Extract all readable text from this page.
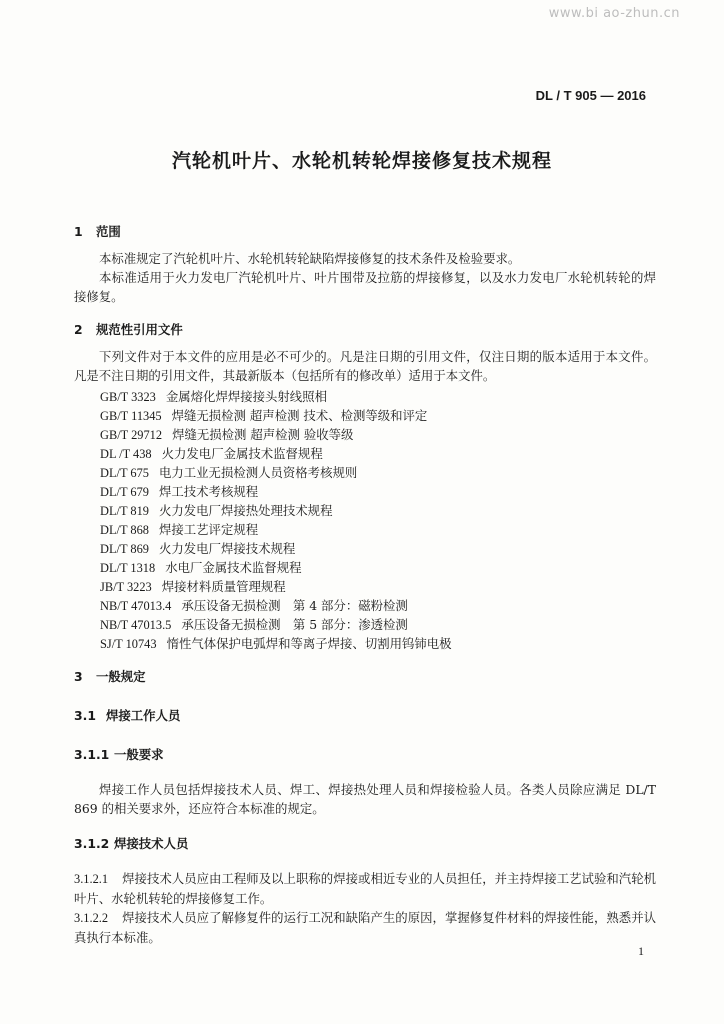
www.bi ao-zhun.cn
DL / T 905 — 2016
汽轮机叶片、水轮机转轮焊接修复技术规程
1 范围

本标准规定了汽轮机叶片、水轮机转轮缺陷焊接修复的技术条件及检验要求。

本标准适用于火力发电厂汽轮机叶片、叶片围带及拉筋的焊接修复，以及水力发电厂水轮机转轮的焊接修复。

2 规范性引用文件

下列文件对于本文件的应用是必不可少的。凡是注日期的引用文件，仅注日期的版本适用于本文件。凡是不注日期的引用文件，其最新版本（包括所有的修改单）适用于本文件。

GB/T 3323 金属熔化焊焊接接头射线照相
GB/T 11345 焊缝无损检测 超声检测 技术、检测等级和评定
GB/T 29712 焊缝无损检测 超声检测 验收等级
DL /T 438 火力发电厂金属技术监督规程
DL/T 675 电力工业无损检测人员资格考核规则
DL/T 679 焊工技术考核规程
DL/T 819 火力发电厂焊接热处理技术规程
DL/T 868 焊接工艺评定规程
DL/T 869 火力发电厂焊接技术规程
DL/T 1318 水电厂金属技术监督规程
JB/T 3223 焊接材料质量管理规程
NB/T 47013.4 承压设备无损检测　第 4 部分：磁粉检测
NB/T 47013.5 承压设备无损检测　第 5 部分：渗透检测
SJ/T 10743 惰性气体保护电弧焊和等离子焊接、切割用钨铈电极
3 一般规定
3.1 焊接工作人员
3.1.1 一般要求

焊接工作人员包括焊接技术人员、焊工、焊接热处理人员和焊接检验人员。各类人员除应满足 DL/T 869 的相关要求外，还应符合本标准的规定。

3.1.2 焊接技术人员

3.1.2.1 焊接技术人员应由工程师及以上职称的焊接或相近专业的人员担任，并主持焊接工艺试验和汽轮机叶片、水轮机转轮的焊接修复工作。

3.1.2.2 焊接技术人员应了解修复件的运行工况和缺陷产生的原因，掌握修复件材料的焊接性能，熟悉并认真执行本标准。

1
